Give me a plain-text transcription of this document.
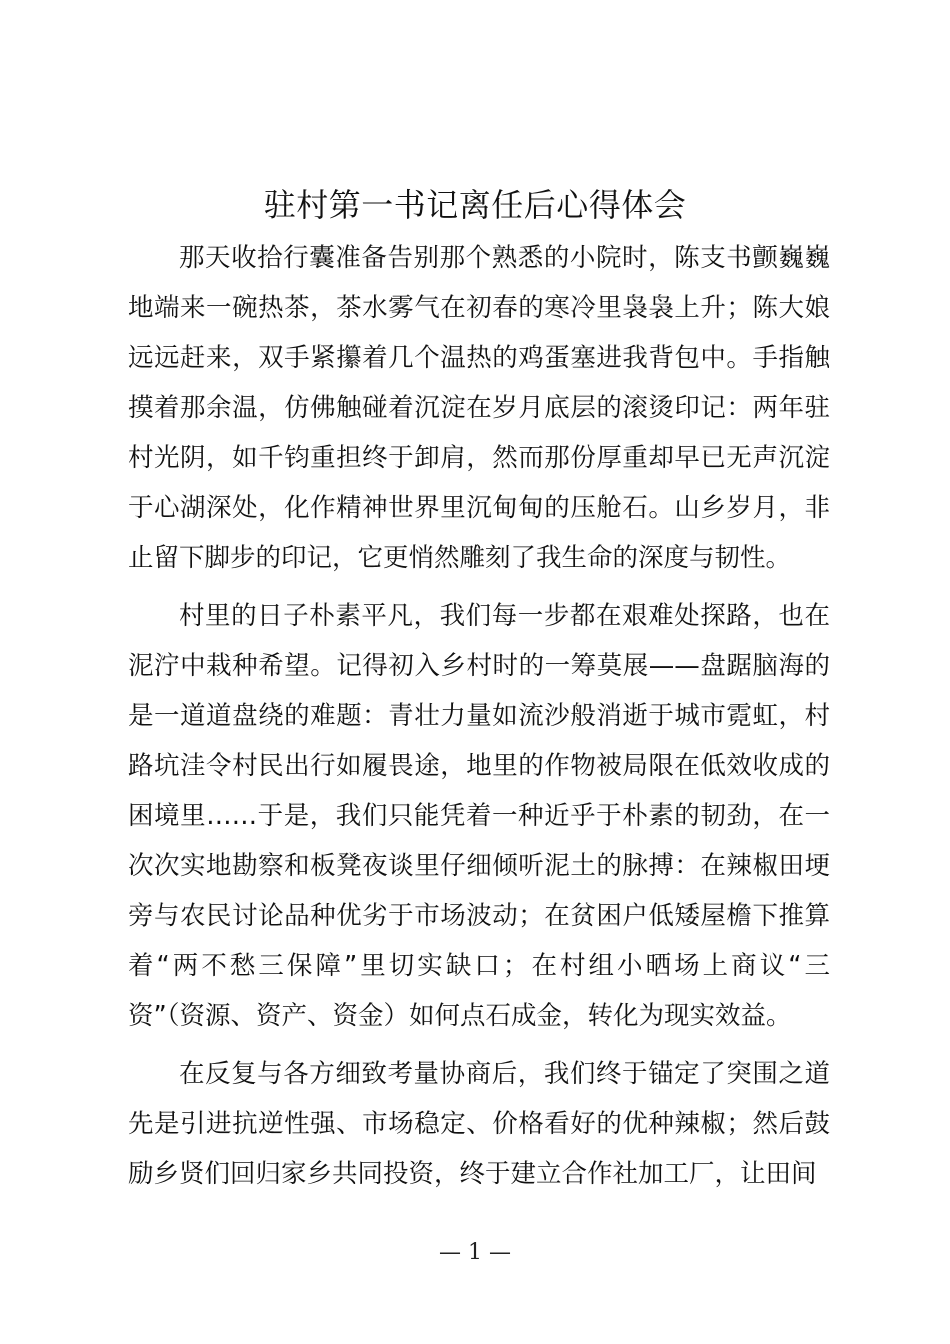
驻村第一书记离任后心得体会

那天收拾行囊准备告别那个熟悉的小院时，陈支书颤巍巍地端来一碗热茶，茶水雾气在初春的寒冷里袅袅上升；陈大娘远远赶来，双手紧攥着几个温热的鸡蛋塞进我背包中。手指触摸着那余温，仿佛触碰着沉淀在岁月底层的滚烫印记：两年驻村光阴，如千钧重担终于卸肩，然而那份厚重却早已无声沉淀于心湖深处，化作精神世界里沉甸甸的压舱石。山乡岁月，非止留下脚步的印记，它更悄然雕刻了我生命的深度与韧性。

村里的日子朴素平凡，我们每一步都在艰难处探路，也在泥泞中栽种希望。记得初入乡村时的一筹莫展——盘踞脑海的是一道道盘绕的难题：青壮力量如流沙般消逝于城市霓虹，村路坑洼令村民出行如履畏途，地里的作物被局限在低效收成的困境里……于是，我们只能凭着一种近乎于朴素的韧劲，在一次次实地勘察和板凳夜谈里仔细倾听泥土的脉搏：在辣椒田埂旁与农民讨论品种优劣于市场波动；在贫困户低矮屋檐下推算着“两不愁三保障”里切实缺口；在村组小晒场上商议“三资”（资源、资产、资金）如何点石成金，转化为现实效益。

在反复与各方细致考量协商后，我们终于锚定了突围之道先是引进抗逆性强、市场稳定、价格看好的优种辣椒；然后鼓励乡贤们回归家乡共同投资，终于建立合作社加工厂，让田间

— 1 —
